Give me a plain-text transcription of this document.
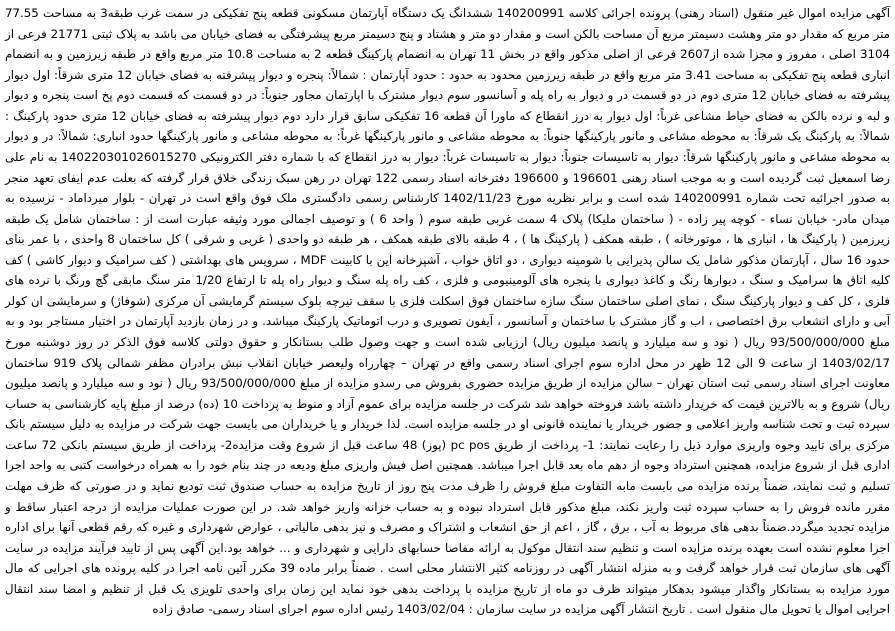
آگهی مزایده اموال غیر منقول (اسناد رهنی) پرونده اجرائی کلاسه 140200991 ششدانگ یک دستگاه آپارتمان مسکونی قطعه پنج تفکیکی در سمت غرب طبقه3 به مساحت 77.55 متر مربع که مقدار دو متر وهشت دسیمتر مربع آن مساحت بالکن است و مقدار دو متر و هشتاد و پنج دسیمتر مربع پیشرفتگی به فضای خیابان می باشد به پلاک ثبتی 21771 فرعی از 3104 اصلی ، مفروز و مجزا شده از2607 فرعی از اصلی مذکور واقع در بخش 11 تهران به انضمام پارکینگ قطعه 2 به مساحت 10.8 متر مربع واقع در طبقه زیرزمین و به انضمام انباری قطعه پنج تفکیکی به مساحت 3.41 متر مربع واقع در طبقه زیرزمین محدود به حدود : حدود آپارتمان : شمالاً: پنجره و دیوار پیشرفته به فضای خیابان 12 متری شرقاً: اول دیوار پیشرفته به فضای خیابان 12 متری دوم در دو قسمت در و دیوار به راه پله و آسانسور سوم دیوار مشترک با اپارتمان مجاور جنوباً: در دو قسمت که قسمت دوم پخ است پنجره و دیوار و لبه و نرده بالکن به فضای حیاط مشاعی غرباً: اول دیوار به درز انقطاع که ماورا آن قطعه 16 تفکیکی سابق قرار دارد دوم دیوار پیشرفته به فضای خیابان 12 متری حدود پارکینگ : شمالاً: به پارکینگ یک شرقاً: به محوطه مشاعی و مانور پارکینگها جنوباً: به محوطه مشاعی و مانور پارکینگها غرباً: به محوطه مشاعی و مانور پارکینگها حدود انباری: شمالاً: در و دیوار به محوطه مشاعی و مانور پارکینگها شرقاً: دیوار به تاسیسات جنوباً: دیوار به تاسیسات غرباً: دیوار به درز انقطاع که با شماره دفتر الکترونیکی 140220301026015270 به نام علی رضا اسمعیل ثبت گردیده است و به موجب اسناد رهنی 196601 و 196600 دفترخانه اسناد رسمی 122 تهران در رهن سبک زندگی خلاق قرار گرفته که بعلت عدم ایفای تعهد منجر به صدور اجرائیه تحت شماره 140200991 شده است و برابر نظریه مورخ 1402/11/23 کارشناس رسمی دادگستری ملک فوق واقع است در تهران - بلوار میرداماد - نرسیده به میدان مادر- خیابان نساء - کوچه پیر زاده - ( ساختمان ملیکا) پلاک 4 سمت غربی طبقه سوم ( واحد 6 ) و توصیف اجمالی مورد وثیقه عبارت است از : ساختمان شامل یک طبقه زیرزمین ( پارکینگ ها ، انباری ها ، موتورخانه ) ، طبقه همکف ( پارکینگ ها ) ، 4 طبقه بالای طبقه همکف ، هر طبقه دو واحدی ( غربی و شرقی ) کل ساختمان 8 واحدی ، با عمر بنای حدود 16 سال ، آپارتمان مذکور شامل یک سالن پذیرایی با شومینه دیواری ، دو اتاق خواب ، آشپزخانه این با کابینت MDF ، سرویس های بهداشتی ( کف سرامیک و دیوار کاشی ) کف کلیه اتاق ها سرامیک و سنگ ، دیوارها رنگ و کاغذ دیواری با پنجره های آلومینیومی و فلزی ، کف راه پله سنگ و دیوار راه پله تا ارتفاع 1/20 متر سنگ مابقی گچ ورنگ با نرده های فلزی ، کل کف و دیوار پارکینگ سنگ ، نمای اصلی ساختمان سنگ سازه ساختمان فوق اسکلت فلزی با سقف تیرچه بلوک سیستم گرمایشی آن مرکزی (شوفاژ) و سرمایشی ان کولر آبی و دارای انشعاب برق اختصاصی ، اب و گاز مشترک با ساختمان و آسانسور ، آیفون تصویری و درب اتوماتیک پارکینگ میباشد. و در زمان بازدید آپارتمان در اختیار مستاجر بود و به مبلغ 93/500/000/000 ریال ( نود و سه میلیارد و پانصد میلیون ریال) ارزیابی شده است و جهت وصول طلب بستانکار و حقوق دولتی کلاسه فوق الذکر در روز دوشنبه مورخ 1403/02/17 از ساعت 9 الی 12 ظهر در محل اداره سوم اجرای اسناد رسمی واقع در تهران – چهارراه ولیعصر خیابان انقلاب نبش برادران مظفر شمالی پلاک 919 ساختمان معاونت اجرای اسناد رسمی ثبت استان تهران – سالن مزایده از طریق مزایده حضوری بفروش می رسدو مزایده از مبلغ 93/500/000/000 ریال ( نود و سه میلیارد و پانصد میلیون ریال) شروع و به بالاترین قیمت که خریدار داشته باشد فروخته خواهد شد شرکت در جلسه مزایده برای عموم آزاد و منوط به پرداخت 10 (ده) درصد از مبلغ پایه کارشناسی به حساب سپرده ثبت و تحت شناسه واریز اعلامی و حضور خریدار یا نماینده قانونی او در جلسه مزایده است. لذا خریدار و یا خریداران می بایست جهت شرکت در مزایده به دلیل سیستم بانک مرکزی برای تایید وجوه واریزی موارد ذیل را رعایت نمایند: 1- پرداخت از طریق pc pos (پوز) 48 ساعت قبل از شروع وقت مزایده2- پرداخت از طریق سیستم بانکی 72 ساعت اداری قبل از شروع مزایده، همچنین استرداد وجوه از دهم ماه بعد قابل اجرا میباشد. همچنین اصل فیش واریزی مبلغ ودیعه در چند بنام خود را به همراه درخواست کتبی به واحد اجرا تسلیم و ثبت نمایند، ضمناً برنده مزایده می بایست مابه التفاوت مبلغ فروش را ظرف مدت پنج روز از تاریخ مزایده به حساب صندوق ثبت تودیع نماید و در صورتی که ظرف مهلت مقرر مانده فروش را به حساب سپرده ثبت واریز نکند، مبلغ مذکور قابل استرداد نبوده و به حساب خزانه واریز خواهد شد. در این صورت عملیات مزایده از درجه اعتبار ساقط و مزایده تجدید میگردد.ضمناً بدهی های مربوط به آب ، برق ، گاز ، اعم از حق انشعاب و اشتراک و مصرف و نیز بدهی مالیاتی ، عوارض شهرداری و غیره که رقم قطعی آنها برای اداره اجرا معلوم نشده است بعهده برنده مزایده است و تنظیم سند انتقال موکول به ارائه مفاصا حسابهای دارایی و شهرداری و ... خواهد بود.این آگهی پس از تایید فرآیند مزایده در سایت آگهی های سازمان ثبت قرار خواهد گرفت و به منزله انتشار آگهی در روزنامه کثیر الانتشار محلی است . ضمناً برابر ماده 39 مکرر آئین نامه اجرا در کلیه پرونده های اجرایی که مال مورد مزایده به بستانکار واگذار میشود بدهکار میتواند ظرف دو ماه از تاریخ مزایده با پرداخت بدهی خود نماید این زمان برای واحدی تلویزی یک قبل از تنظیم و امضا سند انتقال اجرایی اموال یا تحویل مال منقول است . تاریخ انتشار آگهی مزایده در سایت سازمان : 1403/02/04 رئیس اداره سوم اجرای اسناد رسمی- صادق زاده
